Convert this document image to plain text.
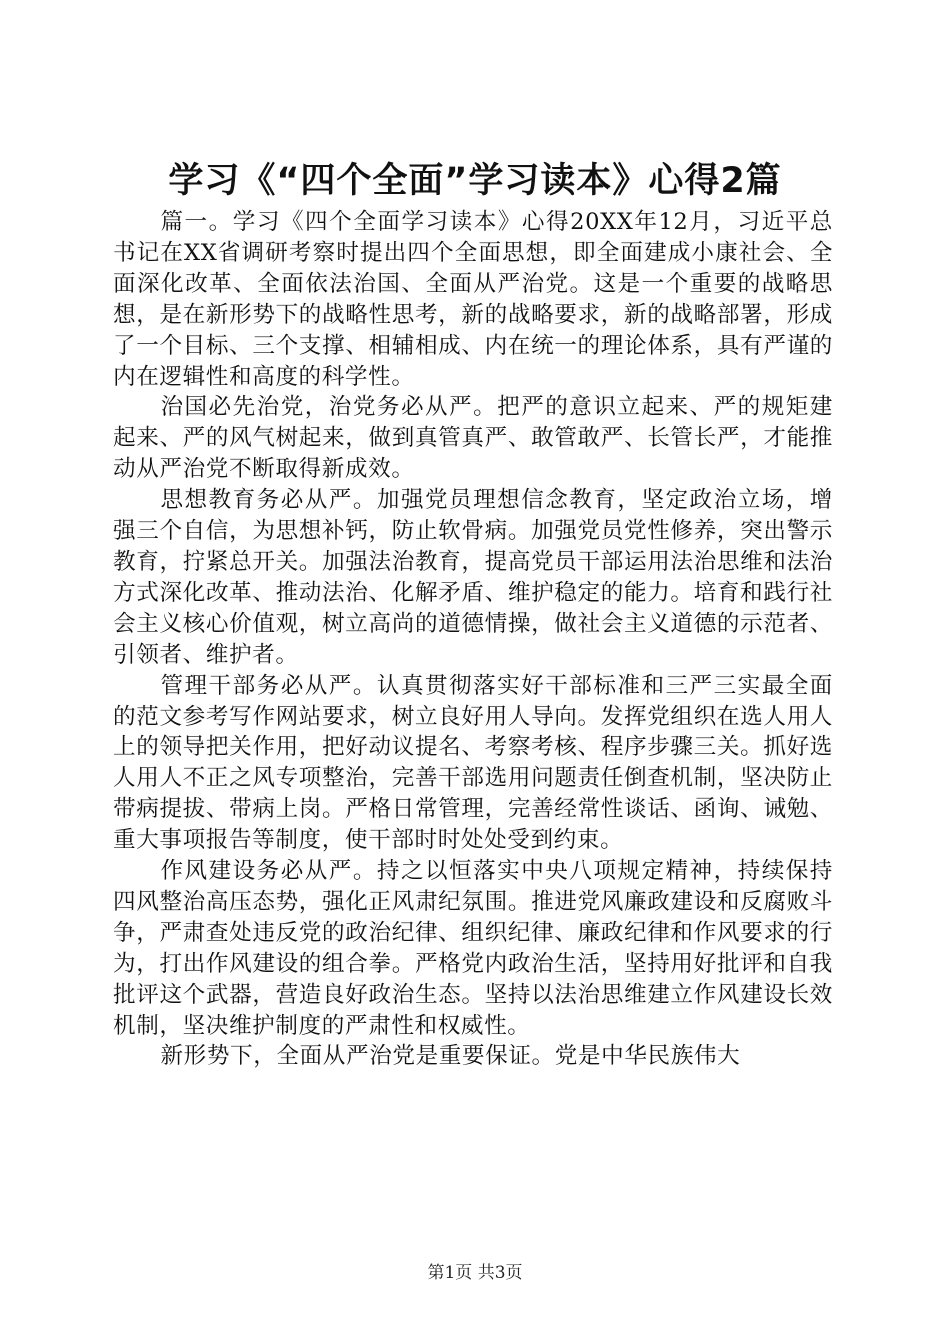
学习《“四个全面”学习读本》心得2篇

篇一。学习《四个全面学习读本》心得20XX年12月，习近平总书记在XX省调研考察时提出四个全面思想，即全面建成小康社会、全面深化改革、全面依法治国、全面从严治党。这是一个重要的战略思想，是在新形势下的战略性思考，新的战略要求，新的战略部署，形成了一个目标、三个支撑、相辅相成、内在统一的理论体系，具有严谨的内在逻辑性和高度的科学性。

治国必先治党，治党务必从严。把严的意识立起来、严的规矩建起来、严的风气树起来，做到真管真严、敢管敢严、长管长严，才能推动从严治党不断取得新成效。

思想教育务必从严。加强党员理想信念教育，坚定政治立场，增强三个自信，为思想补钙，防止软骨病。加强党员党性修养，突出警示教育，拧紧总开关。加强法治教育，提高党员干部运用法治思维和法治方式深化改革、推动法治、化解矛盾、维护稳定的能力。培育和践行社会主义核心价值观，树立高尚的道德情操，做社会主义道德的示范者、引领者、维护者。

管理干部务必从严。认真贯彻落实好干部标准和三严三实最全面的范文参考写作网站要求，树立良好用人导向。发挥党组织在选人用人上的领导把关作用，把好动议提名、考察考核、程序步骤三关。抓好选人用人不正之风专项整治，完善干部选用问题责任倒查机制，坚决防止带病提拔、带病上岗。严格日常管理，完善经常性谈话、函询、诫勉、重大事项报告等制度，使干部时时处处受到约束。

作风建设务必从严。持之以恒落实中央八项规定精神，持续保持四风整治高压态势，强化正风肃纪氛围。推进党风廉政建设和反腐败斗争，严肃查处违反党的政治纪律、组织纪律、廉政纪律和作风要求的行为，打出作风建设的组合拳。严格党内政治生活，坚持用好批评和自我批评这个武器，营造良好政治生态。坚持以法治思维建立作风建设长效机制，坚决维护制度的严肃性和权威性。

新形势下，全面从严治党是重要保证。党是中华民族伟大

第1页 共3页
